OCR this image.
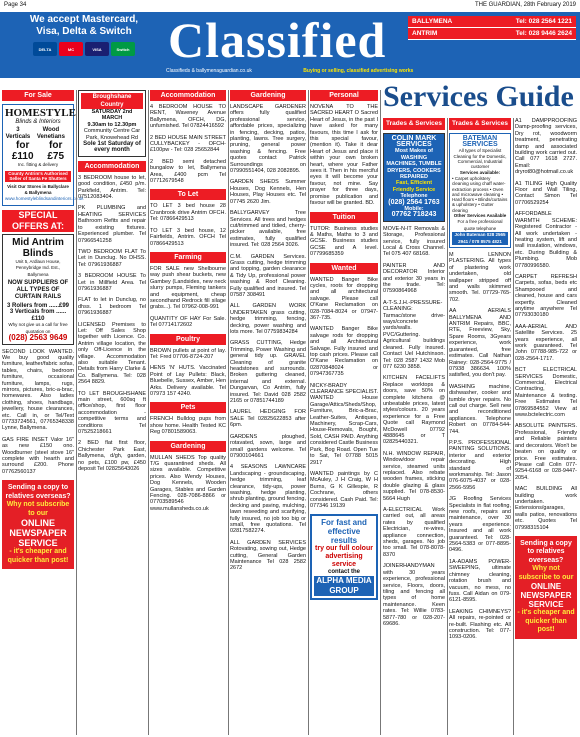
Page 34	THE GUARDIAN, 28th February 2019
We accept Mastercard,
Visa, Delta & Switch
DELTA	MC	VISA	Switch Classified
Classifieds & ballymenaguardian.co.uk	Buying or selling, classified advertising works
BALLYMENA	Tel: 028 2564 1221
ANTRIM	Tel: 028 9446 2624
Services Guide
For Sale
HOMESTYLE
Blinds & Interiors
3 Verticals
Wood Venetians
for £110
for £75
Inc. fitting & delivery
County Antrim's Authorised Seller of Santa Fe Shutters
Visit Our Stores in Ballyclare & Ballymena
www.homestyleblindsandinteriors.co.uk
SPECIAL OFFERS AT:
Mid Antrim Blinds
Unit 5, Ardlaun House, Pennybridge Ind. Est., Ballymena
NOW SUPPLIERS OF ALL TYPES OF CURTAIN RAILS
3 Rollers from ......£99
3 Verticals from ......£110
Why not give us a call for free quotation on
(028) 2563 9649
SECOND LOOK WANTED. We buy good quality furniture, leather/fabric sofas, tables, chairs, bedroom furniture, occasional furniture, lamps, rugs, mirrors, pictures, bric-a-brac, homewares. Also ladies clothing, shoes, handbags, jewellery, house clearances, etc. Call in, or Tel/Text 07733724561, 07765348338 Lynne, Ballymena.
GAS FIRE INSET Valor 16" as new £150 ono. Woodburner (steel stove 16" complete with hearth and surround £200. Phone 07762560137
Sending a copy to relatives overseas?
Why not subscribe to our
ONLINE NEWSPAPER SERVICE
- it's cheaper and quicker than post!
Broughshane Country
SATURDAY 2nd MARCH
9.30am to 12.30pm
Community Centre Car Park, Knowehead Rd
Sole 1st Saturday of every month
Accommodation
3 BEDROOM house to let, good condition, £450 p/m. Parkfield, Antrim. Tel: 07512083404.
PK PLUMBING and HEATING SERVICES Bathroom Refits and repair to existing fixtures. Experienced plumber. Tel 07966541258
TWO BEDROOM FLAT To Let in Dunclug. No DHSS. Tel: 07961936887
3 BEDROOM HOUSE To Let in Millfield Area. Tel 07961936887
FLAT to let in Dunclug, no dhss. 1 bedroom Tel 07961936887
LICENSED Premises to Let: Off Sales Shop together with Licence. Co. Antrim village location, the only Off-Licence in the village. Accommodation also suitable Tenant. Details from Harry Clarke & Co. Ballymena. Tel: 028 2564 8829.
TO LET BROUGHSHANE main street, 600sq ft office/shop, first floor accommodation - competitive terms and conditions Tel 07525218661
2 BED flat first floor, Chichester Park East, Ballymena, d/gh, garden, no pets, £100 pw, £450 deposit Tel 02825643026
Accommodation
4 BEDROOM HOUSE TO RENT, Waveney Avenue Ballymena, OFCH, DG, unfurnished. Tel 07824416592
2 BED HOUSE MAIN STREET CULLYBACKEY - OFCH- £100pw - Tel: 028 25652844
2 BED semi detached bungalow to let, Ballymena Area, £400 pcm Tel 07712679548
To Let
TO LET 3 bed house 28 Cranbrook drive Antrim OFCH. Tel: 07866429513
TO LET 3 bed house, 12 Fairfields, Antrim. OFCH Tel 07866429513
Farming
FOR SALE new Shelbourne way push shear buckets, new Gambey (Landsides, new neck slurry pumps, Fleming tankers and equipment, cheap secondhand Redrock fill silage grabs...). Tel 07962-008-991
QUANTITY OF HAY For Sale. Tel 07714172602
Poultry
BROWN pullets at point of lay. Tel: Fred 07706-8724-207
HENS 'N' HUTS. Vaccinated Point of Lay Pullets: Black, Bluebelle, Sussex, Amber, Hen Arks. Delivery available. Tel 07973 157 4240.
Pets
FRENCH Bulldog pups from show home. Health Tested KC Reg 07801589063.
Gardening
MULLAN SHEDS Top quality T/G quarantined sheds. All sizes available. Competitive prices. Also Wendy Houses, Dog Kennels, Wooden Garages, Stables and Garden Fencing. 028-7086-8866 or 07703589546 www.mullansheds.co.uk
Gardening
LANDSCAPE GARDENER offers fully qualified professional service, affordable prices, specializing in fencing, decking, patios, planting, lawns. Tree surgery, pruning, general power washing & fencing. Free quotes contact Patrick Surroundings on 07990551404, 028 2082895.
GARDEN SHEDS Summer Houses, Dog Kennels, Hen Houses, Play Houses etc. Tel 07745 2620 Jim.
BALLYGARVEY Tree Services. All trees and hedges cut/trimmed and tidied, cherry-picker available, free estimates, fully qualified insured. Tel: 028 2564 3026.
C.M. GARDEN Services. Grass cutting, hedge trimming and topping, garden clearance & Tidy Up, professional power washing & Roof Cleaning. Fully qualified and insured. Tel 07587 308491
ALL GARDEN WORK UNDERTAKEN grass cutting, hedge trimming, fencing, decking, power washing and lots more. Tel 07759834284
GRASS CUTTING, Hedge Trimming, Power Washing and general tidy up. GRAVEL Cleaning of granite headstones and surrounds. Broken guttering cleaned, internal and external. Dungarvan, Co Antrim, fully insured. Tel: David 028 2582 2165 or 07851744189
LAUREL HEDGING FOR SALE Tel 02825622853 after 6pm.
GARDENS ploughed, rotavated, sown, large and small gardens welcome. Tel 07900104661
4 SEASONS LAWNCARE Landscaping - groundscaping, hedge trimming, leaf clearance, tidy-ups, power washing, hedge planting, shrub planting, ground fencing, decking and paving, mulching, lawn reseeding and scarifying, fully insured, no job too big or small, free quotations. Tel 02817582274.
ALL GARDEN SERVICES Rotovating, sowing out, Hedge cutting, General Garden Maintenance Tel 028 2582 2672
Personal
NOVENA TO THE SACRED HEART O Sacred Heart of Jesus, in the past I have asked for many favours, this time I ask for this special favour, (mention it). Take it dear Heart of Jesus and place it within your own broken heart, where your Father sees it. Then in his merciful eyes it will become your favour, not mine. Say prayer for three days, promise publication and favour will be granted. BD.
Tuition
TUTOR: Business studies & Maths, Maths to 3 and GCSE. Business studies GCSE and A level. 07799685359
Wanted
WANTED Banger Bike cycles, roots for dropping and all architectural salvage. Please call O'Kane Reclamation on 028-7084-8024 or 07947-367-735.
WANTED Banger Bike salvage rods for dropping and all Architectural Salvage. Fully insured and top cash prices. Please call O'Kane Reclamation on 02870848024 or 07947367735
NICKY-BRADY CLEARANCE SPECIALIST. WANTED House Garage/Attics/Sheds/Shop, Furniture, Bric-a-Brac, Leather-Suites, Antiques, Machinery, Scrap-Cars, House-Removals, Bought, Sold, CASH PAID. Anything considered Castle Business Park, Bog Road. Open Tue to Sat, Tel 07788 5015 2917
WANTED paintings by C McAuley, J H Craig, W H Burns, G K Gillespie, R Cochrane, others considered. Cash Paid. Tel: 077346 19139
For fast and effective results
try our full colour advertising service
contact the
ALPHA MEDIA GROUP
Trades & Services
COLIN MARK SERVICES
Most Makes of
WASHING MACHINES, TUMBLE DRYERS, COOKERS REPAIRED
Fast, Efficient Friendly Service
Telephone
(028) 2564 1763
Mobile:
07762 718243
MOVE-N-IT Removals & Storage, Professional service, fully insured Local & Cross Channel. Tel 075 407 68168.
PAINTER AND DECORATOR Interior and exterior 30 years in the trade. Tel: 07590864968
A-T-S.J.H.-PRESSURE-CLEANING: Tarmac/stone drive-ways/concrete yards/walls. PVC/Guttering. Agricultural buildings cleaned. Fully insured. Contact Uel Hutchinson. Tel: 028 2587 1432 Mob 077 6230 3858.
KITCHEN FACELIFTS Replace worktops & doors, save 50% on complete kitchens @ unbeatable prices, latest styles/colours. 20 years experience for a Free Quote call Raymond McDowell 07792 4888645 or T 02825440321.
N.H. WINDOW REPAIR, Window/door repair service, steamed units replaced. Also rebate wooden frames, sticking double glazing & glass supplied. Tel 078-8530-5664 Hugh
A-ELECTRICAL Work carried out, all areas rates by qualified Electrician, re-wires, appliance connection, sheds, garages. No job too small. Tel 078-8078-8370
JOINERHANDYMAN with 30 years experience, professional service, Floors, doors, tiling and fencing all types of home maintenance. Keen rates. Tel: Willie 0783-5877-780 or 028-207-69686.
Trades & Services
BATEMAN SERVICES
All types of Specialist Cleaning for the Domestic, Commercial, Industrial customer
Services available:
• Carpet upholstery cleaning using chaff water-extraction process • Oven and microwave cleaning • Hard floors • Blinds/curtains & upholstery • Gutter clearing
Other Services Available
For a free professional quote telephone
John Bateman 028 2565 2941 / 078 8575 4821
M LENNON PLASTERING. All types of plastering work undertaken, old wallpaper stripped off and walls skimmed smooth. Tel. 07729-765-702.
AA AERIALS BALLYMENA AND ANTRIM Repairs, BBC, RTE, Freeview, Sky, Spare Rooms, 3Gyears experience, work guaranteed, free estimates. Call Nathan Rainey: 028-2564-9775 / 07938 386634. 100% satisfied, you don't pay.
WASHING machine, dishwasher, cooker and tumble dryer repairs. No call out charge. Sell new and reconditioned appliances. Telephone Robert on 07784-544-744.
P.P.S. PROFESSIONAL PAINTING SOLUTIONS, interior and exterior decorating. High standard of workmanship. Tel: Jason 076-6075-4037 or 028-2566-5956
JG Roofing Services Specialists in flat roofing, new roofs, repairs and maintenance, over 30 years experience. Insured and all work guaranteed. Tel: 028-2564-5383 or 077-8895-0496.
1A-ADAMS POWER-SWEEPING, ultimate chimney cleaning, rotation brush and vacuum, no mess, no fuss. Call Aidan on 079-6121-8595.
LEAKING CHIMNEYS? All repairs, re-pointed or re-built. Flashing etc. All construction. Tel: 077-1093-0206.
A1 DAMPPROOFING Damp-proofing services, Dry rot, woodworm treatment, penetrating damp and associated building work carried out. Call 077 1618 2727. Email: dryrot80@hotmail.co.uk
A1 TILING High Quality Floor and Wall Tiling, Contact Simon Tel 07706529254
AFFORDABLE WARMTH SCHEME: Registered Contractor - All work undertaken - heating system, lift and wall insulation, windows, etc. During Building & Plumbing. Mob 07780996580.
CARPET REFRESH Carpets, sofas, beds etc Shampooed and cleaned, house and cars expertly. Cleaned anytime anywhere Tel 07793030180
AAA-AERIAL AND Satellite Services. 25 years experience, all work guaranteed. Tel John 07788-985-722 or 028-2564-1717.
BCT ELECTRICAL SERVICES Domestic, Commercial, Electrical Contracting, Maintenance & testing. Free Estimates Tel 07869584552 View at www.bctelectric.com
ABSOLUTE PAINTERS. Professional, Friendly and Reliable painters and decorators. Won't be beaten on quality or price. Free estimates. Please call Colin 077-9254-6168 or 028-9447-2054.
MAC BUILDING All building work undertaken. Extensions/garages, walls patios, renovations etc. Quotes Tel 07998315104
Sending a copy to relatives overseas?
Why not subscribe to our
ONLINE NEWSPAPER SERVICE
- it's cheaper and quicker than post!
